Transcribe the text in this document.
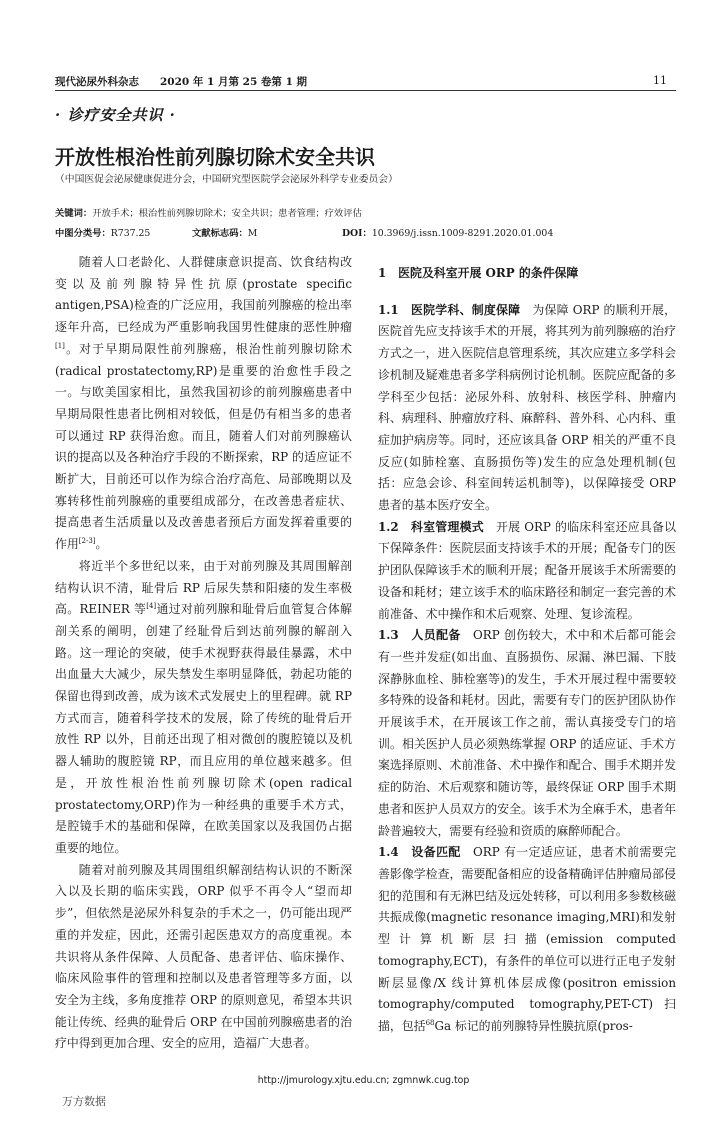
现代泌尿外科杂志　　2020 年 1 月第 25 卷第 1 期	11
· 诊疗安全共识 ·
开放性根治性前列腺切除术安全共识
（中国医促会泌尿健康促进分会，中国研究型医院学会泌尿外科学专业委员会）
关键词：开放手术；根治性前列腺切除术；安全共识；患者管理；疗效评估
中图分类号：R737.25	文献标志码：M	DOI：10.3969/j.issn.1009-8291.2020.01.004

随着人口老龄化、人群健康意识提高、饮食结构改变以及前列腺特异性抗原(prostate specific antigen,PSA)检查的广泛应用，我国前列腺癌的检出率逐年升高，已经成为严重影响我国男性健康的恶性肿瘤[1]。对于早期局限性前列腺癌，根治性前列腺切除术(radical prostatectomy,RP)是重要的治愈性手段之一。与欧美国家相比，虽然我国初诊的前列腺癌患者中早期局限性患者比例相对较低，但是仍有相当多的患者可以通过 RP 获得治愈。而且，随着人们对前列腺癌认识的提高以及各种治疗手段的不断探索，RP 的适应证不断扩大，目前还可以作为综合治疗高危、局部晚期以及寡转移性前列腺癌的重要组成部分，在改善患者症状、提高患者生活质量以及改善患者预后方面发挥着重要的作用[2-3]。

将近半个多世纪以来，由于对前列腺及其周围解剖结构认识不清，耻骨后 RP 后尿失禁和阳痿的发生率极高。REINER 等[4]通过对前列腺和耻骨后血管复合体解剖关系的阐明，创建了经耻骨后到达前列腺的解剖入路。这一理论的突破，使手术视野获得最佳暴露，术中出血量大大减少，尿失禁发生率明显降低，勃起功能的保留也得到改善，成为该术式发展史上的里程碑。就 RP 方式而言，随着科学技术的发展，除了传统的耻骨后开放性 RP 以外，目前还出现了相对微创的腹腔镜以及机器人辅助的腹腔镜 RP，而且应用的单位越来越多。但是，开放性根治性前列腺切除术(open radical prostatectomy,ORP)作为一种经典的重要手术方式，是腔镜手术的基础和保障，在欧美国家以及我国仍占据重要的地位。

随着对前列腺及其周围组织解剖结构认识的不断深入以及长期的临床实践，ORP 似乎不再令人“望而却步”，但依然是泌尿外科复杂的手术之一，仍可能出现严重的并发症，因此，还需引起医患双方的高度重视。本共识将从条件保障、人员配备、患者评估、临床操作、临床风险事件的管理和控制以及患者管理等多方面，以安全为主线，多角度推荐 ORP 的原则意见，希望本共识能让传统、经典的耻骨后 ORP 在中国前列腺癌患者的治疗中得到更加合理、安全的应用，造福广大患者。

1　医院及科室开展 ORP 的条件保障

1.1　医院学科、制度保障　为保障 ORP 的顺利开展，医院首先应支持该手术的开展，将其列为前列腺癌的治疗方式之一，进入医院信息管理系统，其次应建立多学科会诊机制及疑难患者多学科病例讨论机制。医院应配备的多学科至少包括：泌尿外科、放射科、核医学科、肿瘤内科、病理科、肿瘤放疗科、麻醉科、普外科、心内科、重症加护病房等。同时，还应该具备 ORP 相关的严重不良反应(如肺栓塞、直肠损伤等)发生的应急处理机制(包括：应急会诊、科室间转运机制等)，以保障接受 ORP 患者的基本医疗安全。

1.2　科室管理模式　开展 ORP 的临床科室还应具备以下保障条件：医院层面支持该手术的开展；配备专门的医护团队保障该手术的顺利开展；配备开展该手术所需要的设备和耗材；建立该手术的临床路径和制定一套完善的术前准备、术中操作和术后观察、处理、复诊流程。

1.3　人员配备　ORP 创伤较大，术中和术后都可能会有一些并发症(如出血、直肠损伤、尿漏、淋巴漏、下肢深静脉血栓、肺栓塞等)的发生，手术开展过程中需要较多特殊的设备和耗材。因此，需要有专门的医护团队协作开展该手术，在开展该工作之前，需认真接受专门的培训。相关医护人员必须熟练掌握 ORP 的适应证、手术方案选择原则、术前准备、术中操作和配合、围手术期并发症的防治、术后观察和随访等，最终保证 ORP 围手术期患者和医护人员双方的安全。该手术为全麻手术，患者年龄普遍较大，需要有经验和资质的麻醉师配合。

1.4　设备匹配　ORP 有一定适应证，患者术前需要完善影像学检查，需要配备相应的设备精确评估肿瘤局部侵犯的范围和有无淋巴结及远处转移，可以利用多参数核磁共振成像(magnetic resonance imaging,MRI)和发射型计算机断层扫描(emission computed tomography,ECT)，有条件的单位可以进行正电子发射断层显像/X 线计算机体层成像(positron emission tomography/computed tomography,PET-CT)扫描，包括$^{68}$Ga 标记的前列腺特异性膜抗原(pros-

http://jmurology.xjtu.edu.cn; zgmnwk.cug.top
万方数据
